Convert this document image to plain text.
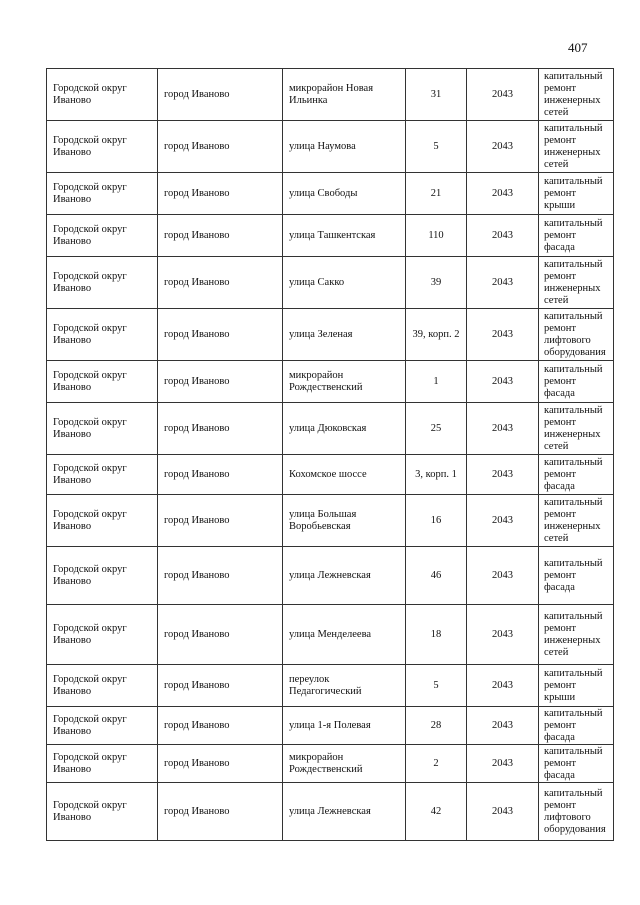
407
Городской округ Иваново	город Иваново	микрорайон Новая Ильинка	31	2043	капитальный ремонт инженерных сетей
Городской округ Иваново	город Иваново	улица Наумова	5	2043	капитальный ремонт инженерных сетей
Городской округ Иваново	город Иваново	улица Свободы	21	2043	капитальный ремонт крыши
Городской округ Иваново	город Иваново	улица Ташкентская	110	2043	капитальный ремонт фасада
Городской округ Иваново	город Иваново	улица Сакко	39	2043	капитальный ремонт инженерных сетей
Городской округ Иваново	город Иваново	улица Зеленая	39, корп. 2	2043	капитальный ремонт лифтового оборудования
Городской округ Иваново	город Иваново	микрорайон Рождественский	1	2043	капитальный ремонт фасада
Городской округ Иваново	город Иваново	улица Дюковская	25	2043	капитальный ремонт инженерных сетей
Городской округ Иваново	город Иваново	Кохомское шоссе	3, корп. 1	2043	капитальный ремонт фасада
Городской округ Иваново	город Иваново	улица Большая Воробьевская	16	2043	капитальный ремонт инженерных сетей
Городской округ Иваново	город Иваново	улица Лежневская	46	2043	капитальный ремонт фасада
Городской округ Иваново	город Иваново	улица Менделеева	18	2043	капитальный ремонт инженерных сетей
Городской округ Иваново	город Иваново	переулок Педагогический	5	2043	капитальный ремонт крыши
Городской округ Иваново	город Иваново	улица 1-я Полевая	28	2043	капитальный ремонт фасада
Городской округ Иваново	город Иваново	микрорайон Рождественский	2	2043	капитальный ремонт фасада
Городской округ Иваново	город Иваново	улица Лежневская	42	2043	капитальный ремонт лифтового оборудования
